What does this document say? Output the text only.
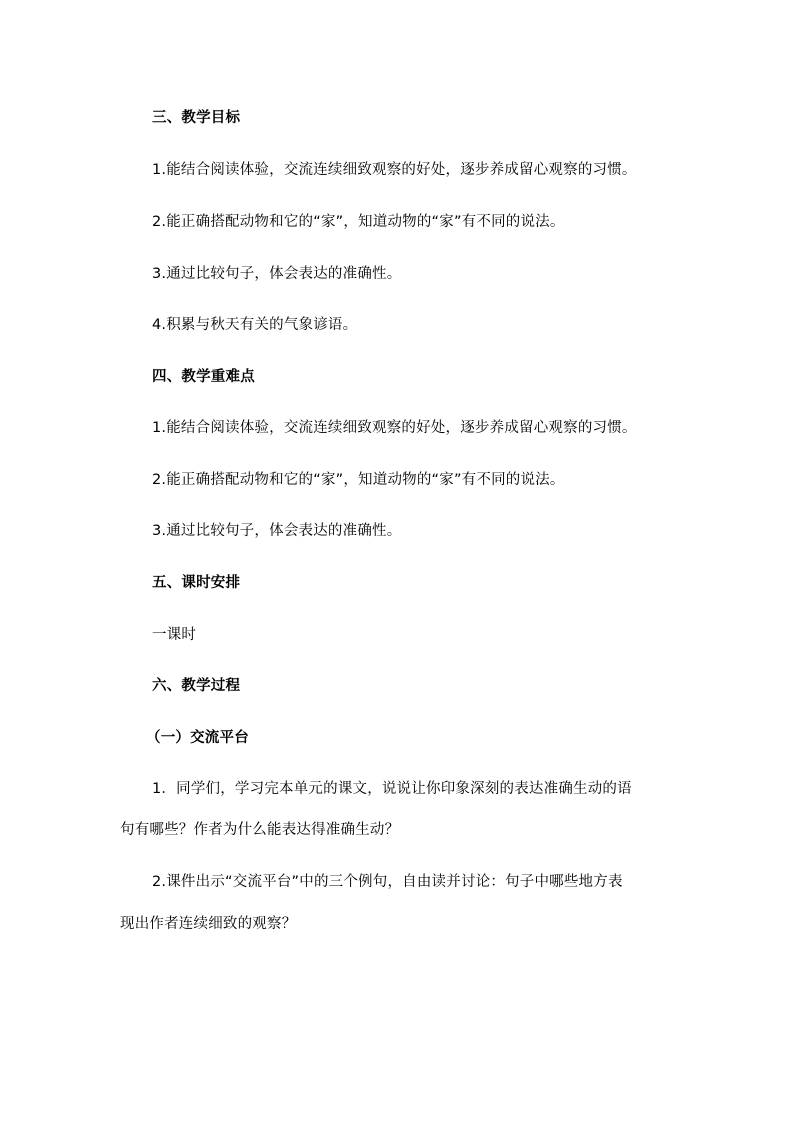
三、教学目标
1.能结合阅读体验，交流连续细致观察的好处，逐步养成留心观察的习惯。
2.能正确搭配动物和它的“家”，知道动物的“家”有不同的说法。
3.通过比较句子，体会表达的准确性。
4.积累与秋天有关的气象谚语。
四、教学重难点
1.能结合阅读体验，交流连续细致观察的好处，逐步养成留心观察的习惯。
2.能正确搭配动物和它的“家”，知道动物的“家”有不同的说法。
3.通过比较句子，体会表达的准确性。
五、课时安排
一课时
六、教学过程
（一）交流平台
1．同学们，学习完本单元的课文，说说让你印象深刻的表达准确生动的语
句有哪些？作者为什么能表达得准确生动？
2.课件出示“交流平台”中的三个例句，自由读并讨论：句子中哪些地方表
现出作者连续细致的观察？
